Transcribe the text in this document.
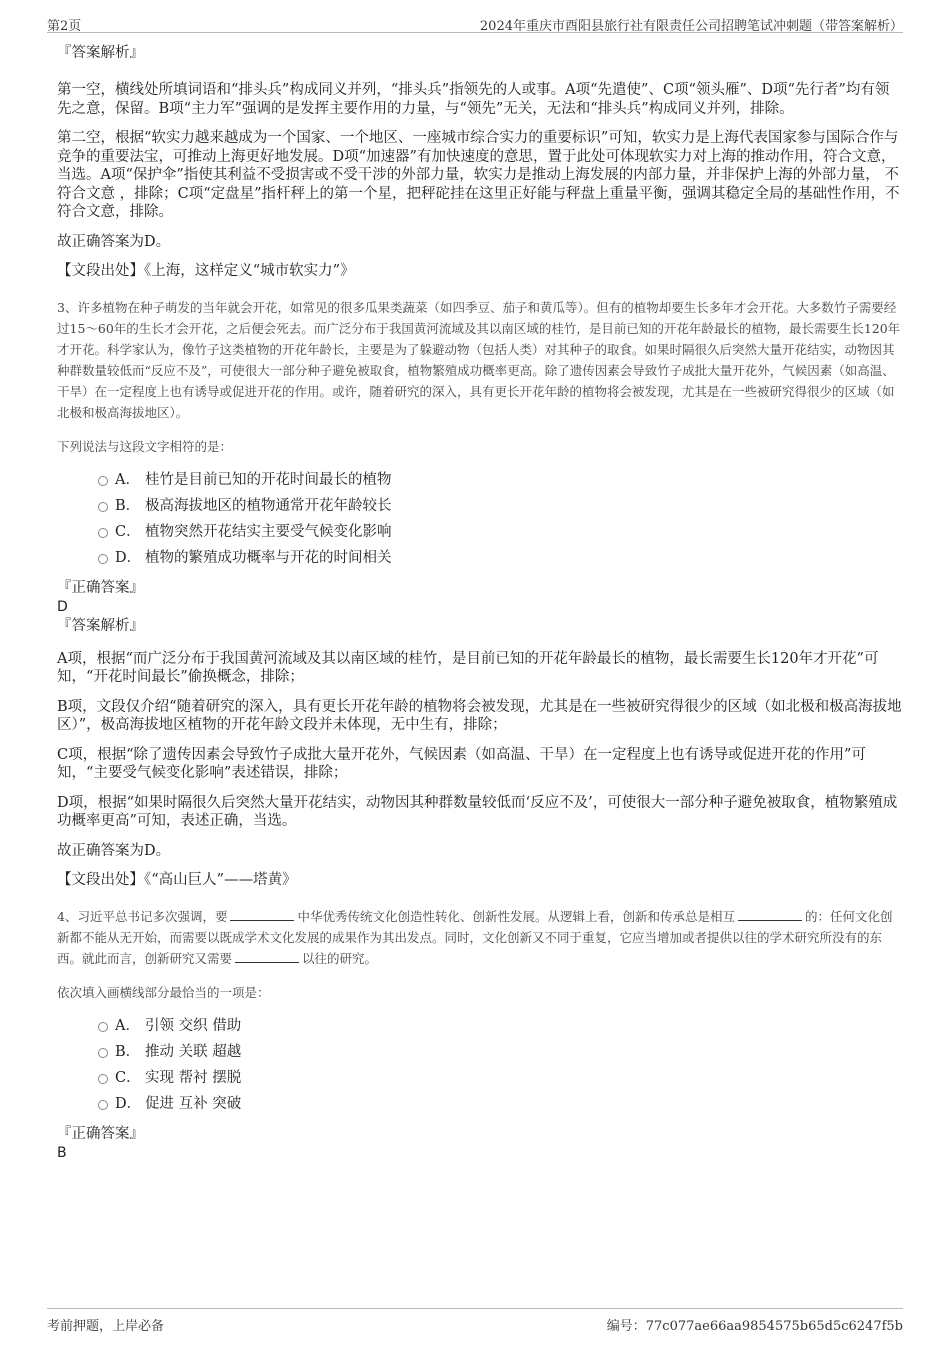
第2页	2024年重庆市酉阳县旅行社有限责任公司招聘笔试冲刺题（带答案解析）

『答案解析』

第一空，横线处所填词语和“排头兵”构成同义并列，“排头兵”指领先的人或事。A项“先遣使”、C项“领头雁”、D项“先行者”均有领先之意，保留。B项“主力军”强调的是发挥主要作用的力量，与“领先”无关，无法和“排头兵”构成同义并列，排除。

第二空，根据“软实力越来越成为一个国家、一个地区、一座城市综合实力的重要标识”可知，软实力是上海代表国家参与国际合作与竞争的重要法宝，可推动上海更好地发展。D项“加速器”有加快速度的意思，置于此处可体现软实力对上海的推动作用，符合文意，当选。A项“保护伞”指使其利益不受损害或不受干涉的外部力量，软实力是推动上海发展的内部力量，并非保护上海的外部力量， 不符合文意 ，排除；C项“定盘星”指杆秤上的第一个星，把秤砣挂在这里正好能与秤盘上重量平衡，强调其稳定全局的基础性作用，不符合文意，排除。

故正确答案为D。

【文段出处】《上海，这样定义“城市软实力”》

3、许多植物在种子萌发的当年就会开花，如常见的很多瓜果类蔬菜（如四季豆、茄子和黄瓜等）。但有的植物却要生长多年才会开花。大多数竹子需要经过15～60年的生长才会开花，之后便会死去。而广泛分布于我国黄河流域及其以南区域的桂竹，是目前已知的开花年龄最长的植物，最长需要生长120年才开花。科学家认为，像竹子这类植物的开花年龄长，主要是为了躲避动物（包括人类）对其种子的取食。如果时隔很久后突然大量开花结实，动物因其种群数量较低而“反应不及”，可使很大一部分种子避免被取食，植物繁殖成功概率更高。除了遗传因素会导致竹子成批大量开花外，气候因素（如高温、干旱）在一定程度上也有诱导或促进开花的作用。或许，随着研究的深入，具有更长开花年龄的植物将会被发现，尤其是在一些被研究得很少的区域（如北极和极高海拔地区）。

下列说法与这段文字相符的是：

A． 桂竹是目前已知的开花时间最长的植物
B． 极高海拔地区的植物通常开花年龄较长
C． 植物突然开花结实主要受气候变化影响
D． 植物的繁殖成功概率与开花的时间相关

『正确答案』

D

『答案解析』

A项，根据“而广泛分布于我国黄河流域及其以南区域的桂竹，是目前已知的开花年龄最长的植物，最长需要生长120年才开花”可知，“开花时间最长”偷换概念，排除；

B项，文段仅介绍“随着研究的深入，具有更长开花年龄的植物将会被发现，尤其是在一些被研究得很少的区域（如北极和极高海拔地区）”，极高海拔地区植物的开花年龄文段并未体现，无中生有，排除；

C项，根据“除了遗传因素会导致竹子成批大量开花外，气候因素（如高温、干旱）在一定程度上也有诱导或促进开花的作用”可知，“主要受气候变化影响”表述错误，排除；

D项，根据“如果时隔很久后突然大量开花结实，动物因其种群数量较低而‘反应不及’，可使很大一部分种子避免被取食，植物繁殖成功概率更高”可知，表述正确，当选。

故正确答案为D。

【文段出处】《“高山巨人”——塔黄》

4、习近平总书记多次强调，要	中华优秀传统文化创造性转化、创新性发展。从逻辑上看，创新和传承总是相互	的：任何文化创新都不能从无开始，而需要以既成学术文化发展的成果作为其出发点。同时，文化创新又不同于重复，它应当增加或者提供以往的学术研究所没有的东西。就此而言，创新研究又需要	以往的研究。

依次填入画横线部分最恰当的一项是：

A． 引领 交织 借助
B． 推动 关联 超越
C． 实现 帮衬 摆脱
D． 促进 互补 突破

『正确答案』

B

考前押题，上岸必备	编号：77c077ae66aa9854575b65d5c6247f5b
